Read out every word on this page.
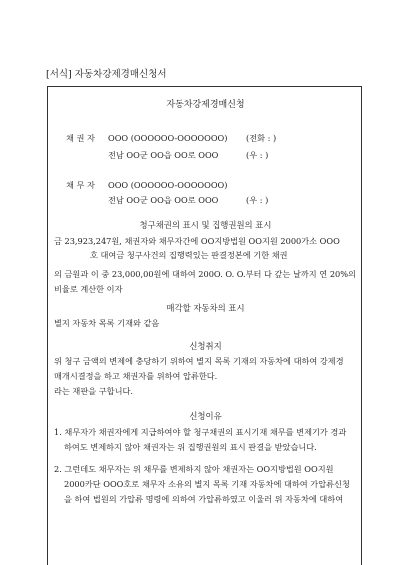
[서식] 자동차강제경매신청서
자동차강제경매신청
채 권 자 OOO (OOOOOO-OOOOOOO) (전화 : )
전남 OO군 OO읍 OO로 OOO	(우 : )
채 무 자 OOO (OOOOOO-OOOOOOO)
전남 OO군 OO읍 OO로 OOO	(우 : )
청구채권의 표시 및 집행권원의 표시
금 23,923,247원, 채권자와 채무자간에 OO지방법원 OO지원 2000가소 OOO
호 대여금 청구사건의 집행력있는 판결정본에 기한 채권
의 금원과 이 중 23,000,00원에 대하여 200O. O. O.부터 다 갚는 날까지 연 20%의
비율로 계산한 이자
매각할 자동차의 표시
별지 자동차 목록 기재와 같음
신청취지
위 청구 금액의 변제에 충당하기 위하여 별지 목록 기재의 자동차에 대하여 강제경
매개시결정을 하고 채권자를 위하여 압류한다.
라는 재판을 구합니다.
신청이유
1. 채무자가 채권자에게 지급하여야 할 청구채권의 표시기재 채무를 변제기가 경과
하여도 변제하지 않아 채권자는 위 집행권원의 표시 판결을 받았습니다.
2. 그런데도 채무자는 위 채무를 변제하지 않아 채권자는 OO지방법원 OO지원
2000카단 OOO호로 채무자 소유의 별지 목록 기재 자동차에 대하여 가압류신청
을 하여 법원의 가압류 명령에 의하여 가압류하였고 이울러 위 자동차에 대하여
